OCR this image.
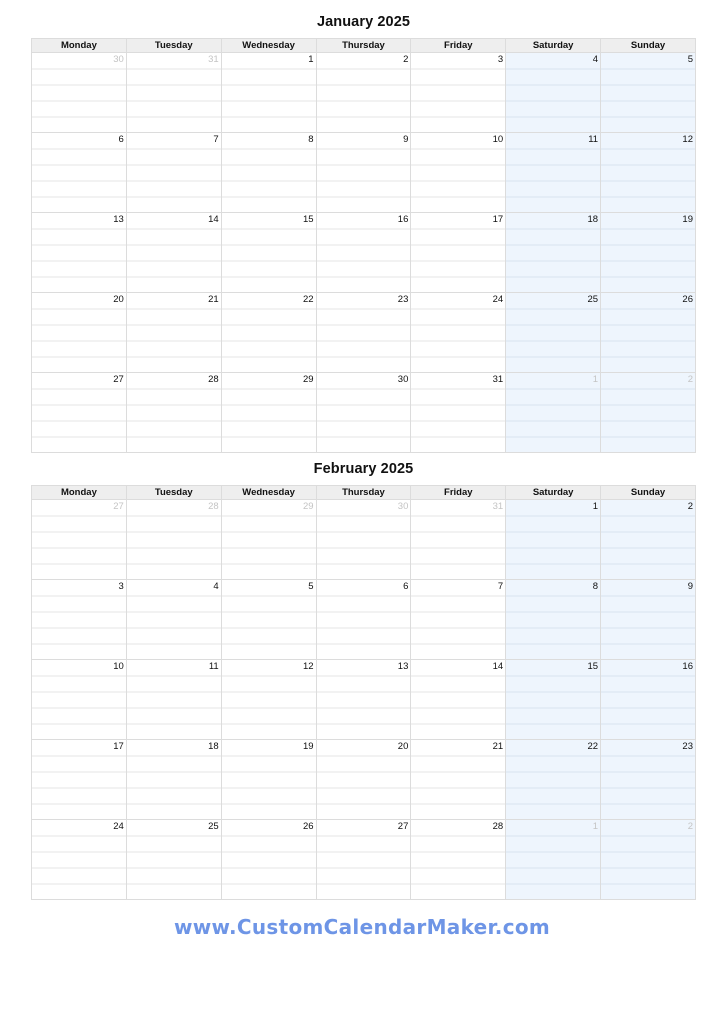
January 2025
Monday	Tuesday	Wednesday	Thursday	Friday	Saturday	Sunday

30	31	1	2	3	4	5

6	7	8	9	10	11	12

13	14	15	16	17	18	19

20	21	22	23	24	25	26

27	28	29	30	31	1	2
February 2025
Monday	Tuesday	Wednesday	Thursday	Friday	Saturday	Sunday

27	28	29	30	31	1	2

3	4	5	6	7	8	9

10	11	12	13	14	15	16

17	18	19	20	21	22	23

24	25	26	27	28	1	2
www.CustomCalendarMaker.com
